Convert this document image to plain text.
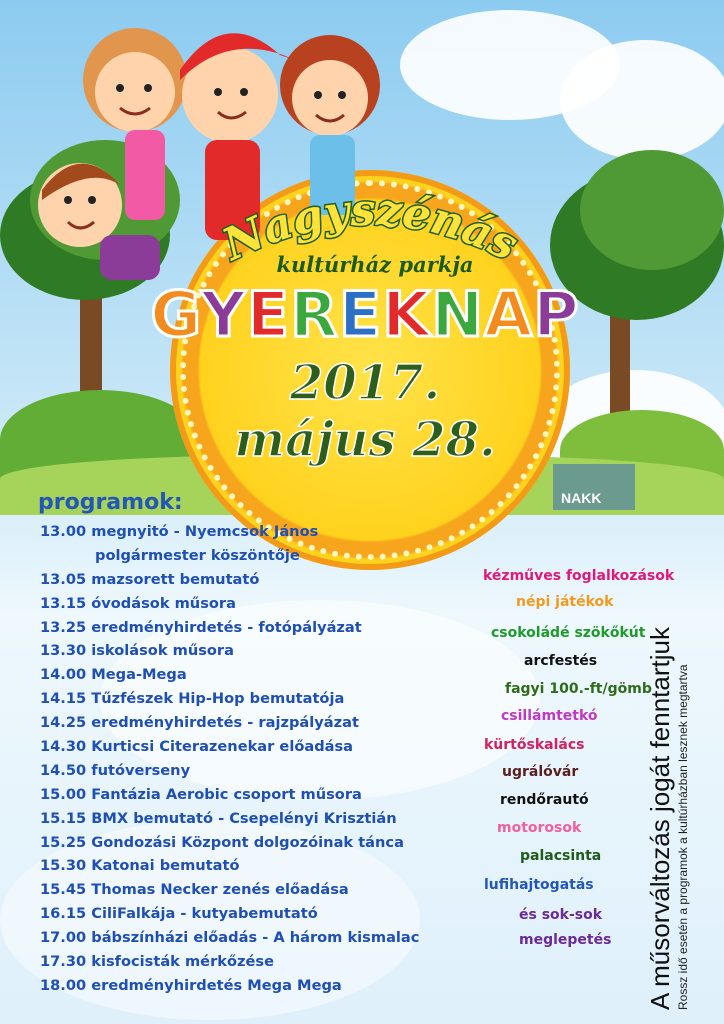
Nagyszénás
kultúrház parkja
GYEREKNAP
2017.
május 28.
NAKK
programok:
13.00 megnyitó - Nyemcsok János
polgármester köszöntője
13.05 mazsorett bemutató
13.15 óvodások műsora
13.25 eredményhirdetés - fotópályázat
13.30 iskolások műsora
14.00 Mega-Mega
14.15 Tűzfészek Hip-Hop bemutatója
14.25 eredményhirdetés - rajzpályázat
14.30 Kurticsi Citerazenekar előadása
14.50 futóverseny
15.00 Fantázia Aerobic csoport műsora
15.15 BMX bemutató - Csepelényi Krisztián
15.25 Gondozási Központ dolgozóinak tánca
15.30 Katonai bemutató
15.45 Thomas Necker zenés előadása
16.15 CiliFalkája - kutyabemutató
17.00 bábszínházi előadás - A három kismalac
17.30 kisfocisták mérkőzése
18.00 eredményhirdetés Mega Mega
kézműves foglalkozások
népi játékok
csokoládé szökőkút
arcfestés
fagyi 100.-ft/gömb
csillámtetkó
kürtőskalács
ugrálóvár
rendőrautó
motorosok
palacsinta
lufihajtogatás
és sok-sok
meglepetés A műsorváltozás jogát fenntartjuk Rossz idő esetén a programok a kultúrházban lesznek megtartva
